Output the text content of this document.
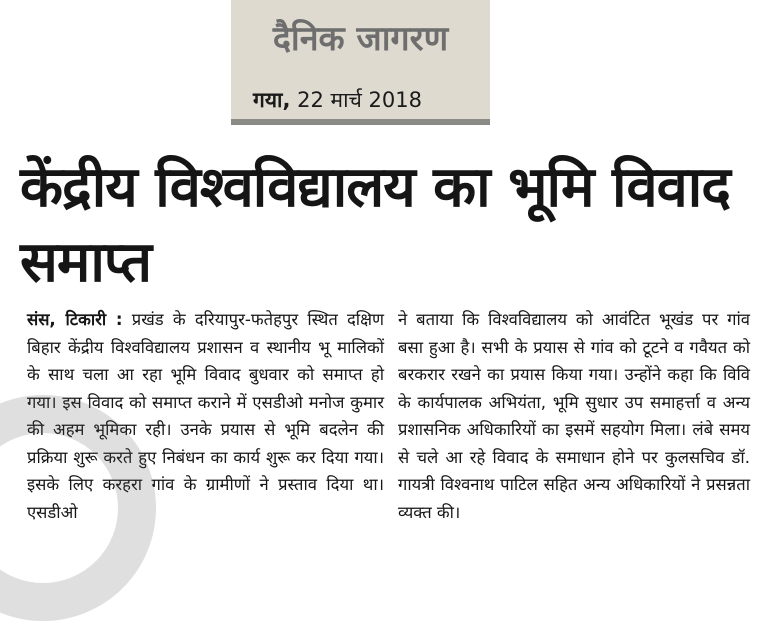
दैनिक जागरण
गया, 22 मार्च 2018
केंद्रीय विश्वविद्यालय का भूमि विवाद समाप्त

संस, टिकारी : प्रखंड के दरियापुर-फतेहपुर स्थित दक्षिण बिहार केंद्रीय विश्वविद्यालय प्रशासन व स्थानीय भू मालिकों के साथ चला आ रहा भूमि विवाद बुधवार को समाप्त हो गया। इस विवाद को समाप्त कराने में एसडीओ मनोज कुमार की अहम भूमिका रही। उनके प्रयास से भूमि बदलेन की प्रक्रिया शुरू करते हुए निबंधन का कार्य शुरू कर दिया गया। इसके लिए करहरा गांव के ग्रामीणों ने प्रस्ताव दिया था। एसडीओ

ने बताया कि विश्वविद्यालय को आवंटित भूखंड पर गांव बसा हुआ है। सभी के प्रयास से गांव को टूटने व गवैयत को बरकरार रखने का प्रयास किया गया। उन्होंने कहा कि विवि के कार्यपालक अभियंता, भूमि सुधार उप समाहर्त्ता व अन्य प्रशासनिक अधिकारियों का इसमें सहयोग मिला। लंबे समय से चले आ रहे विवाद के समाधान होने पर कुलसचिव डॉ. गायत्री विश्वनाथ पाटिल सहित अन्य अधिकारियों ने प्रसन्नता व्यक्त की।
